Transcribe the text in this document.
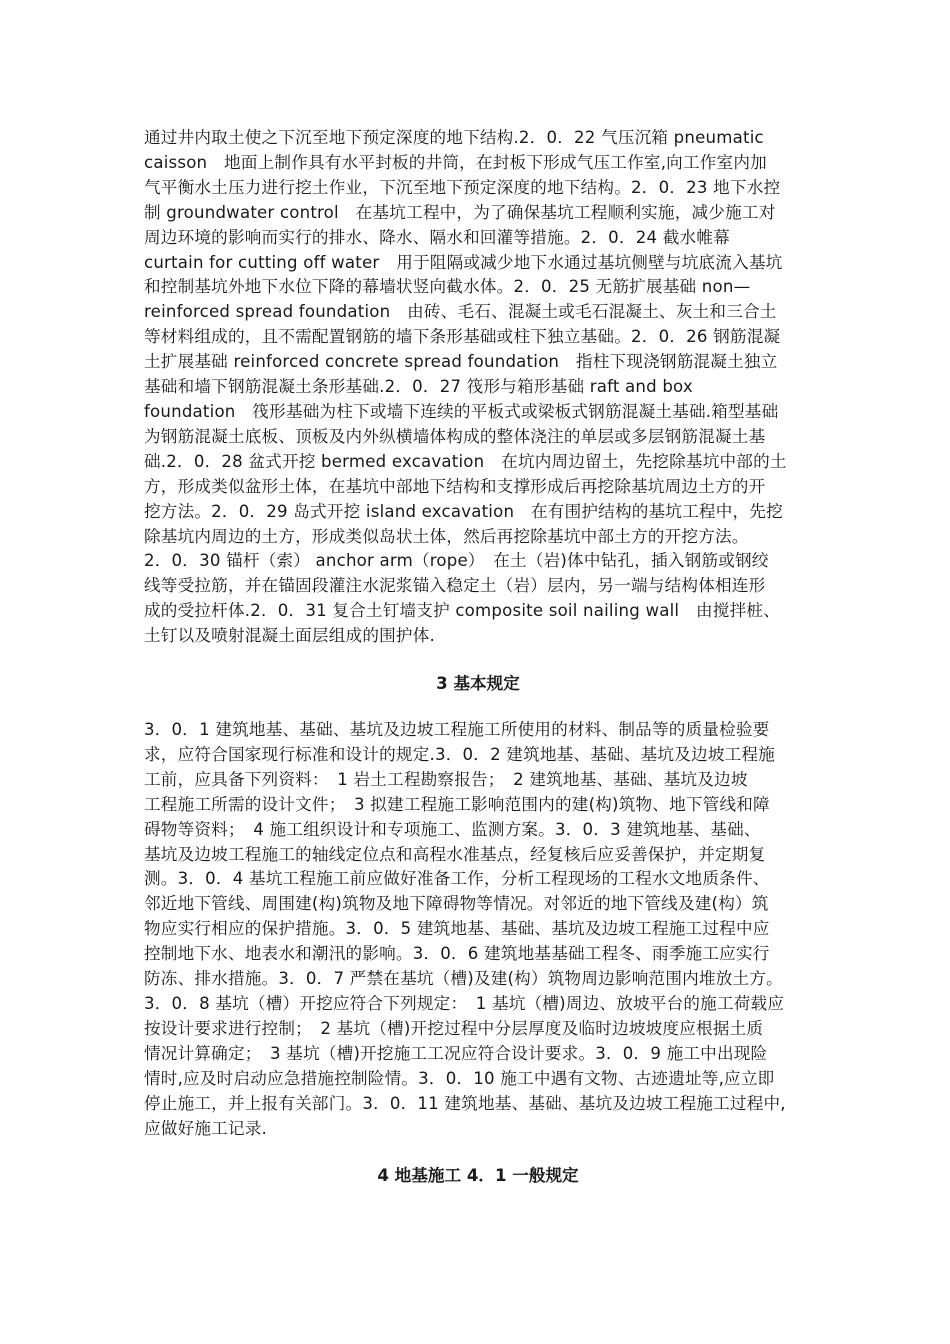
通过井内取土使之下沉至地下预定深度的地下结构.2．0．22 气压沉箱 pneumatic

caisson　地面上制作具有水平封板的井筒，在封板下形成气压工作室,向工作室内加

气平衡水土压力进行挖土作业，下沉至地下预定深度的地下结构。2．0．23 地下水控

制 groundwater control　在基坑工程中，为了确保基坑工程顺利实施，减少施工对

周边环境的影响而实行的排水、降水、隔水和回灌等措施。2．0．24 截水帷幕

curtain for cutting off water　用于阻隔或减少地下水通过基坑侧壁与坑底流入基坑

和控制基坑外地下水位下降的幕墙状竖向截水体。2．0．25 无筋扩展基础 non—

reinforced spread foundation　由砖、毛石、混凝土或毛石混凝土、灰土和三合土

等材料组成的，且不需配置钢筋的墙下条形基础或柱下独立基础。2．0．26 钢筋混凝

土扩展基础 reinforced concrete spread foundation　指柱下现浇钢筋混凝土独立

基础和墙下钢筋混凝土条形基础.2．0．27 筏形与箱形基础 raft and box

foundation　筏形基础为柱下或墙下连续的平板式或梁板式钢筋混凝土基础.箱型基础

为钢筋混凝土底板、顶板及内外纵横墙体构成的整体浇注的单层或多层钢筋混凝土基

础.2．0．28 盆式开挖 bermed excavation　在坑内周边留土，先挖除基坑中部的土

方，形成类似盆形土体，在基坑中部地下结构和支撑形成后再挖除基坑周边土方的开

挖方法。2．0．29 岛式开挖 island excavation　在有围护结构的基坑工程中，先挖

除基坑内周边的土方，形成类似岛状土体，然后再挖除基坑中部土方的开挖方法。

2．0．30 锚杆（索） anchor arm（rope）　在土（岩)体中钻孔，插入钢筋或钢绞

线等受拉筋，并在锚固段灌注水泥浆锚入稳定土（岩）层内，另一端与结构体相连形

成的受拉杆体.2．0．31 复合土钉墙支护 composite soil nailing wall　由搅拌桩、

土钉以及喷射混凝土面层组成的围护体.

3 基本规定

3．0．1 建筑地基、基础、基坑及边坡工程施工所使用的材料、制品等的质量检验要

求，应符合国家现行标准和设计的规定.3．0．2 建筑地基、基础、基坑及边坡工程施

工前，应具备下列资料：　1 岩土工程勘察报告；　2 建筑地基、基础、基坑及边坡

工程施工所需的设计文件；　3 拟建工程施工影响范围内的建(构)筑物、地下管线和障

碍物等资料；　4 施工组织设计和专项施工、监测方案。3．0．3 建筑地基、基础、

基坑及边坡工程施工的轴线定位点和高程水准基点，经复核后应妥善保护，并定期复

测。3．0．4 基坑工程施工前应做好准备工作，分析工程现场的工程水文地质条件、

邻近地下管线、周围建(构)筑物及地下障碍物等情况。对邻近的地下管线及建(构）筑

物应实行相应的保护措施。3．0．5 建筑地基、基础、基坑及边坡工程施工过程中应

控制地下水、地表水和潮汛的影响。3．0．6 建筑地基基础工程冬、雨季施工应实行

防冻、排水措施。3．0．7 严禁在基坑（槽)及建(构）筑物周边影响范围内堆放土方。

3．0．8 基坑（槽）开挖应符合下列规定：　1 基坑（槽)周边、放坡平台的施工荷载应

按设计要求进行控制；　2 基坑（槽)开挖过程中分层厚度及临时边坡坡度应根据土质

情况计算确定；　3 基坑（槽)开挖施工工况应符合设计要求。3．0．9 施工中出现险

情时,应及时启动应急措施控制险情。3．0．10 施工中遇有文物、古迹遗址等,应立即

停止施工，并上报有关部门。3．0．11 建筑地基、基础、基坑及边坡工程施工过程中,

应做好施工记录.

4 地基施工 4．1 一般规定
